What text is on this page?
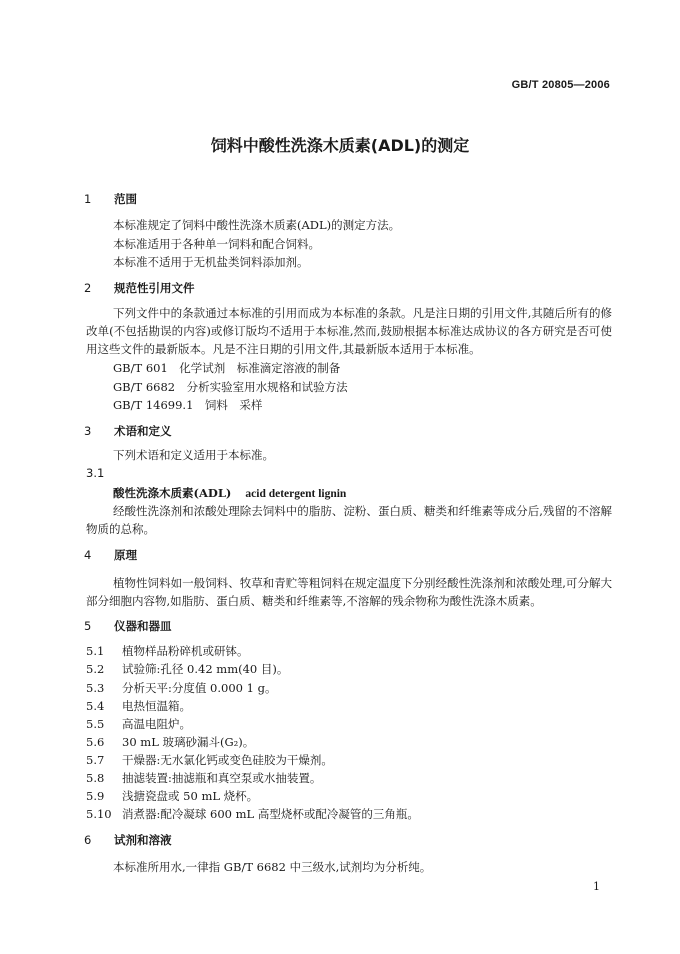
GB/T 20805—2006
饲料中酸性洗涤木质素(ADL)的测定
1 范围
本标准规定了饲料中酸性洗涤木质素(ADL)的测定方法。
本标准适用于各种单一饲料和配合饲料。
本标准不适用于无机盐类饲料添加剂。
2 规范性引用文件
下列文件中的条款通过本标准的引用而成为本标准的条款。凡是注日期的引用文件,其随后所有的修改单(不包括勘误的内容)或修订版均不适用于本标准,然而,鼓励根据本标准达成协议的各方研究是否可使用这些文件的最新版本。凡是不注日期的引用文件,其最新版本适用于本标准。
GB/T 601　化学试剂　标准滴定溶液的制备
GB/T 6682　分析实验室用水规格和试验方法
GB/T 14699.1　饲料　采样
3 术语和定义
下列术语和定义适用于本标准。
3.1
酸性洗涤木质素(ADL) acid detergent lignin
经酸性洗涤剂和浓酸处理除去饲料中的脂肪、淀粉、蛋白质、糖类和纤维素等成分后,残留的不溶解物质的总称。
4 原理
植物性饲料如一般饲料、牧草和青贮等粗饲料在规定温度下分别经酸性洗涤剂和浓酸处理,可分解大部分细胞内容物,如脂肪、蛋白质、糖类和纤维素等,不溶解的残余物称为酸性洗涤木质素。
5 仪器和器皿
5.1 植物样品粉碎机或研钵。
5.2 试验筛:孔径 0.42 mm(40 目)。
5.3 分析天平:分度值 0.000 1 g。
5.4 电热恒温箱。
5.5 高温电阻炉。
5.6 30 mL 玻璃砂漏斗(G₂)。
5.7 干燥器:无水氯化钙或变色硅胶为干燥剂。
5.8 抽滤装置:抽滤瓶和真空泵或水抽装置。
5.9 浅搪瓷盘或 50 mL 烧杯。
5.10 消煮器:配冷凝球 600 mL 高型烧杯或配冷凝管的三角瓶。
6 试剂和溶液
本标准所用水,一律指 GB/T 6682 中三级水,试剂均为分析纯。
1
